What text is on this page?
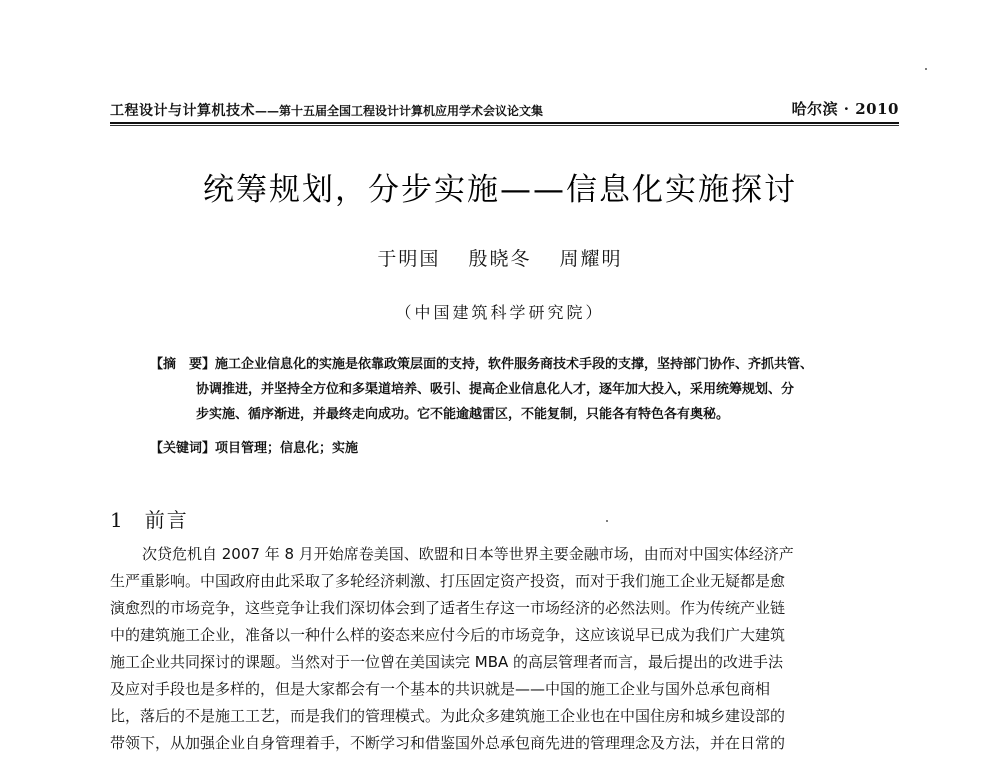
工程设计与计算机技术——第十五届全国工程设计计算机应用学术会议论文集	哈尔滨 · 2010
统筹规划，分步实施——信息化实施探讨
于明国 殷晓冬 周耀明
（中国建筑科学研究院）
【摘　要】施工企业信息化的实施是依靠政策层面的支持，软件服务商技术手段的支撑，坚持部门协作、齐抓共管、
协调推进，并坚持全方位和多渠道培养、吸引、提高企业信息化人才，逐年加大投入，采用统筹规划、分
步实施、循序渐进，并最终走向成功。它不能逾越雷区，不能复制，只能各有特色各有奥秘。
【关键词】项目管理；信息化；实施
1 前言
次贷危机自 2007 年 8 月开始席卷美国、欧盟和日本等世界主要金融市场，由而对中国实体经济产
生严重影响。中国政府由此采取了多轮经济刺激、打压固定资产投资，而对于我们施工企业无疑都是愈
演愈烈的市场竞争，这些竞争让我们深切体会到了适者生存这一市场经济的必然法则。作为传统产业链
中的建筑施工企业，准备以一种什么样的姿态来应付今后的市场竞争，这应该说早已成为我们广大建筑
施工企业共同探讨的课题。当然对于一位曾在美国读完 MBA 的高层管理者而言，最后提出的改进手法
及应对手段也是多样的，但是大家都会有一个基本的共识就是——中国的施工企业与国外总承包商相
比，落后的不是施工工艺，而是我们的管理模式。为此众多建筑施工企业也在中国住房和城乡建设部的
带领下，从加强企业自身管理着手，不断学习和借鉴国外总承包商先进的管理理念及方法，并在日常的
